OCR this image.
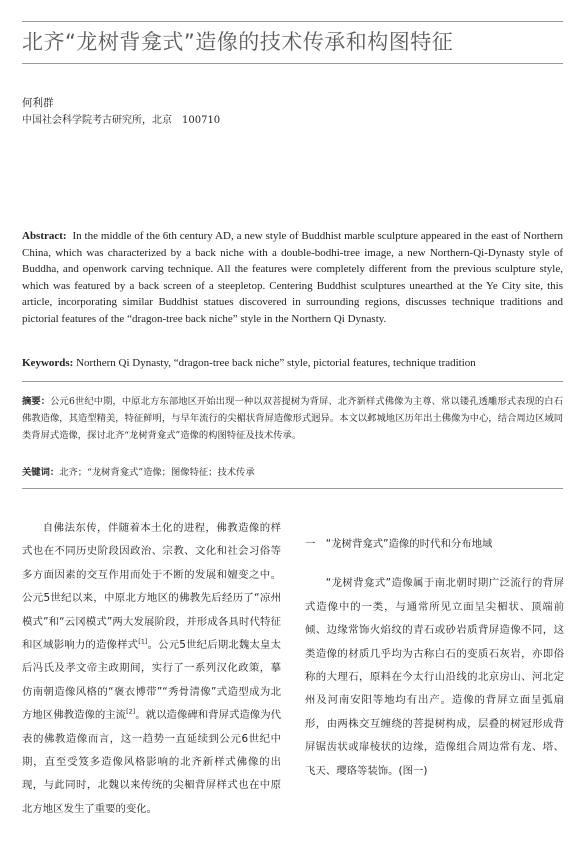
北齐“龙树背龛式”造像的技术传承和构图特征
何利群
中国社会科学院考古研究所，北京　100710

Abstract: In the middle of the 6th century AD, a new style of Buddhist marble sculpture appeared in the east of Northern China, which was characterized by a back niche with a double-bodhi-tree image, a new Northern-Qi-Dynasty style of Buddha, and openwork carving technique. All the features were completely different from the previous sculpture style, which was featured by a back screen of a steepletop. Centering Buddhist sculptures unearthed at the Ye City site, this article, incorporating similar Buddhist statues discovered in surrounding regions, discusses technique traditions and pictorial features of the “dragon-tree back niche” style in the Northern Qi Dynasty.

Keywords: Northern Qi Dynasty, “dragon-tree back niche” style, pictorial features, technique tradition

摘要：公元6世纪中期，中原北方东部地区开始出现一种以双菩提树为背屏、北齐新样式佛像为主尊、常以镂孔透雕形式表现的白石佛教造像，其造型精美，特征鲜明，与早年流行的尖楣状背屏造像形式迥异。本文以邺城地区历年出土佛像为中心，结合周边区域同类背屏式造像，探讨北齐“龙树背龛式”造像的构图特征及技术传承。

关键词：北齐；“龙树背龛式”造像；图像特征；技术传承

自佛法东传，伴随着本土化的进程，佛教造像的样式也在不同历史阶段因政治、宗教、文化和社会习俗等多方面因素的交互作用而处于不断的发展和嬗变之中。公元5世纪以来，中原北方地区的佛教先后经历了“凉州模式”和“云冈模式”两大发展阶段，并形成各具时代特征和区域影响力的造像样式[1]。公元5世纪后期北魏太皇太后冯氏及孝文帝主政期间，实行了一系列汉化政策，摹仿南朝造像风格的“褒衣博带”“秀骨清像”式造型成为北方地区佛教造像的主流[2]。就以造像碑和背屏式造像为代表的佛教造像而言，这一趋势一直延续到公元6世纪中期，直至受笈多造像风格影响的北齐新样式佛像的出现，与此同时，北魏以来传统的尖楣背屏样式也在中原北方地区发生了重要的变化。

一　“龙树背龛式”造像的时代和分布地域

“龙树背龛式”造像属于南北朝时期广泛流行的背屏式造像中的一类，与通常所见立面呈尖楣状、顶端前倾、边缘常饰火焰纹的青石或砂岩质背屏造像不同，这类造像的材质几乎均为古称白石的变质石灰岩，亦即俗称的大理石，原料在今太行山沿线的北京房山、河北定州及河南安阳等地均有出产。造像的背屏立面呈弧扇形，由两株交互缠绕的菩提树构成，层叠的树冠形成背屏锯齿状或扉棱状的边缘，造像组合周边常有龙、塔、飞天、璎珞等装饰。(图一)
